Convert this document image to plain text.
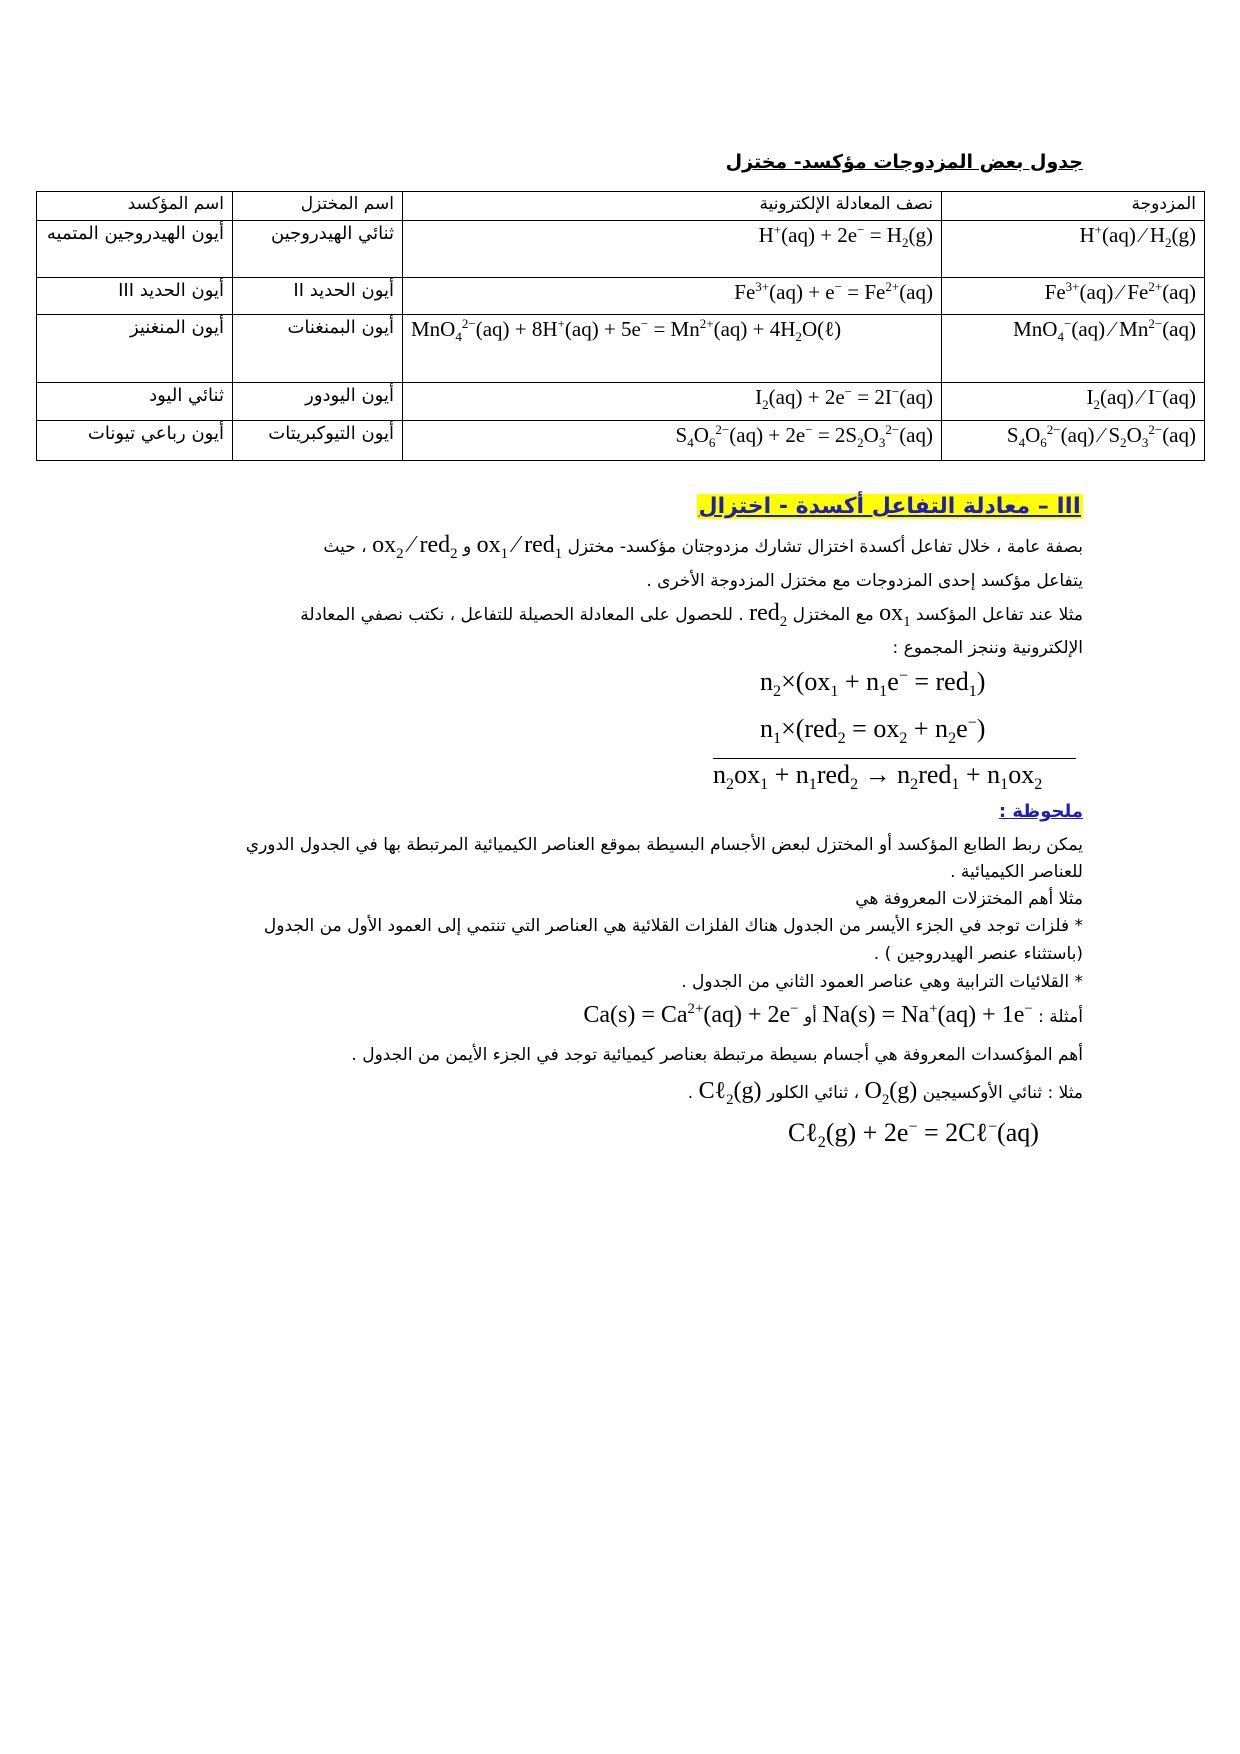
جدول بعض المزدوجات مؤكسد- مختزل
المزدوجة	نصف المعادلة الإلكترونية	اسم المختزل	اسم المؤكسد
H+(aq) ⁄ $H_2(g)$	$H^+(aq) + 2e^- = H_2(g)$	ثنائي الهيدروجين	أيون الهيدروجين المتميه
$Fe^{3+}(aq)$ ⁄ $Fe^{2+}(aq)$	$Fe^{3+}(aq) + e^- = Fe^{2+}(aq)$	أيون الحديد II	أيون الحديد III
MnO$_4$−(aq) ⁄ $Mn^{2-}(aq)$	$MnO_4^{2-}(aq) + 8H^+(aq) + 5e^- = Mn^{2+}(aq)$ + $4H_2O(\ell)$	أيون البمنغنات	أيون المنغنيز
$I_2(aq)$ ⁄ I−(aq)	$I_2(aq) + 2e^- = 2I^-(aq)$	أيون اليودور	ثنائي اليود
$S_4O_6^{2-}(aq)$ ⁄ $S_2O_3^{2-}(aq)$	$S_4O_6^{2-}(aq) + 2e^- = 2S_2O_3^{2-}(aq)$	أيون التيوكبريتات	أيون رباعي تيونات
III – معادلة التفاعل أكسدة - اختزال

بصفة عامة ، خلال تفاعل أكسدة اختزال تشارك مزدوجتان مؤكسد- مختزل $ox_1$ ⁄ red$_1$ و $ox_2$ ⁄ red$_2$ ، حيث

يتفاعل مؤكسد إحدى المزدوجات مع مختزل المزدوجة الأخرى .

مثلا عند تفاعل المؤكسد $ox_1$ مع المختزل red$_2$ . للحصول على المعادلة الحصيلة للتفاعل ، نكتب نصفي المعادلة

الإلكترونية وننجز المجموع :

$n_2\times(ox_1 + n_1e^- = red_1)$
$n_1\times(red_2 = ox_2 + n_2e^-)$
$n_2ox_1 + n_1red_2 \to n_2red_1 + n_1ox_2$
ملحوظة :

يمكن ربط الطابع المؤكسد أو المختزل لبعض الأجسام البسيطة بموقع العناصر الكيميائية المرتبطة بها في الجدول الدوري

للعناصر الكيميائية .

مثلا أهم المختزلات المعروفة هي

* فلزات توجد في الجزء الأيسر من الجدول هناك الفلزات القلائية هي العناصر التي تنتمي إلى العمود الأول من الجدول

(باستثناء عنصر الهيدروجين ) .

* القلائيات الترابية وهي عناصر العمود الثاني من الجدول .

أمثلة : Na(s) = Na+(aq) + 1e− أو $Ca(s) = Ca^{2+}(aq) + 2e^-$

أهم المؤكسدات المعروفة هي أجسام بسيطة مرتبطة بعناصر كيميائية توجد في الجزء الأيمن من الجدول .

مثلا : ثنائي الأوكسيجين $O_2(g)$ ، ثنائي الكلور Cℓ$_2$(g) .

Cℓ$_2$(g) + 2e− = 2Cℓ−(aq)
